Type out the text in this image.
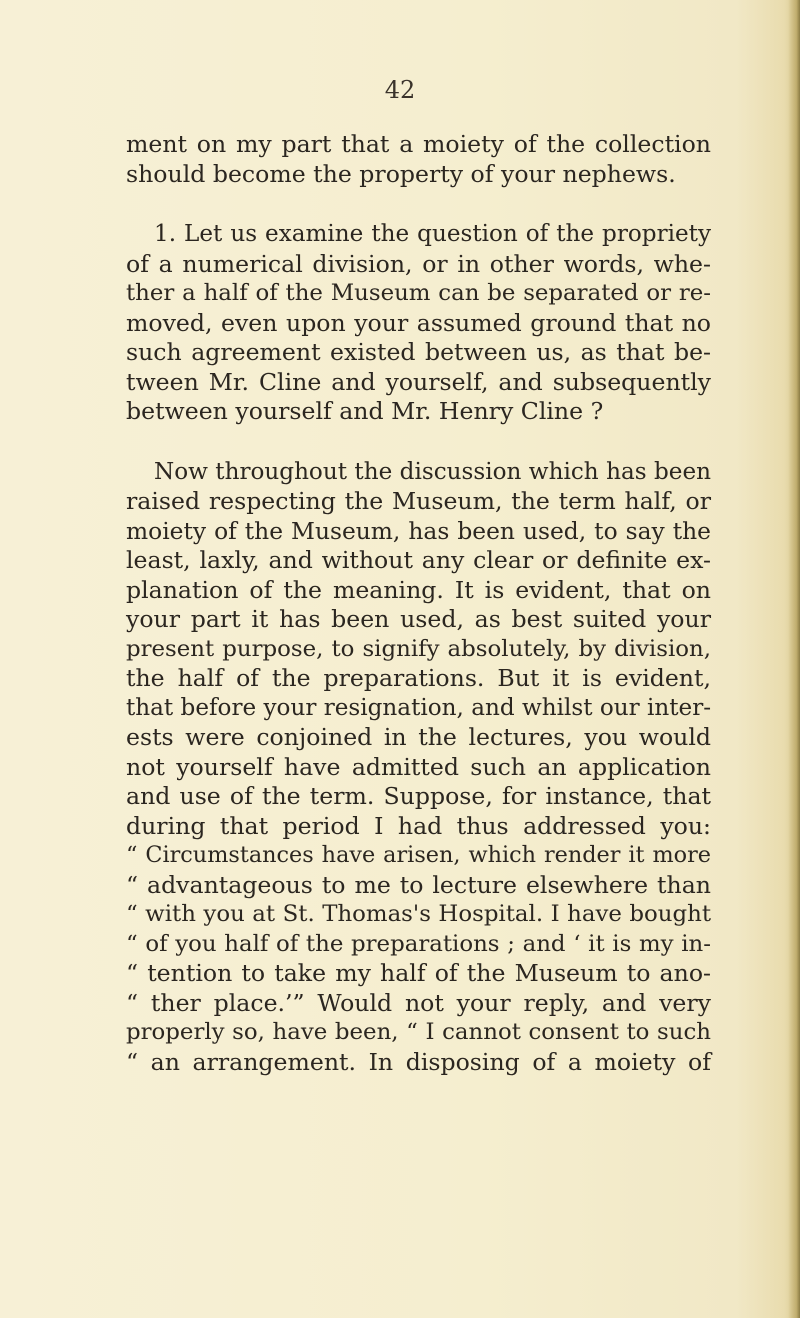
42
ment on my part that a moiety of the collection
should become the property of your nephews.
1. Let us examine the question of the propriety
of a numerical division, or in other words, whe-
ther a half of the Museum can be separated or re-
moved, even upon your assumed ground that no
such agreement existed between us, as that be-
tween Mr. Cline and yourself, and subsequently
between yourself and Mr. Henry Cline ?
Now throughout the discussion which has been
raised respecting the Museum, the term half, or
moiety of the Museum, has been used, to say the
least, laxly, and without any clear or definite ex-
planation of the meaning. It is evident, that on
your part it has been used, as best suited your
present purpose, to signify absolutely, by division,
the half of the preparations. But it is evident,
that before your resignation, and whilst our inter-
ests were conjoined in the lectures, you would
not yourself have admitted such an application
and use of the term. Suppose, for instance, that
during that period I had thus addressed you:
“ Circumstances have arisen, which render it more
“ advantageous to me to lecture elsewhere than
“ with you at St. Thomas's Hospital. I have bought
“ of you half of the preparations ; and ‘ it is my in-
“ tention to take my half of the Museum to ano-
“ ther place.’” Would not your reply, and very
properly so, have been, “ I cannot consent to such
“ an arrangement. In disposing of a moiety of
